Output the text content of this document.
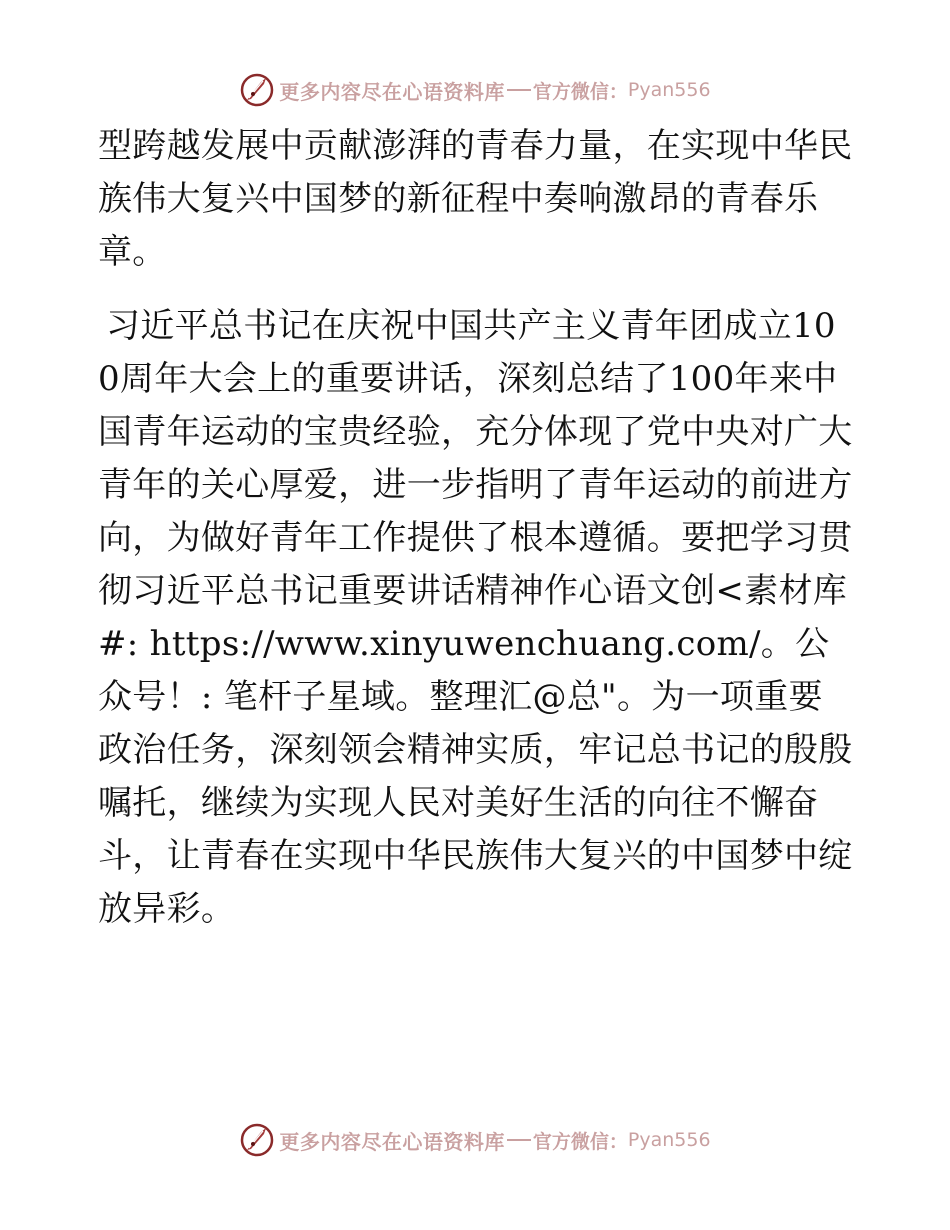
更多内容尽在心语资料库 官方微信： Pyan556

型跨越发展中贡献澎湃的青春力量，在实现中华民族伟大复兴中国梦的新征程中奏响激昂的青春乐章。

习近平总书记在庆祝中国共产主义青年团成立100周年大会上的重要讲话，深刻总结了100年来中国青年运动的宝贵经验，充分体现了党中央对广大青年的关心厚爱，进一步指明了青年运动的前进方向，为做好青年工作提供了根本遵循。要把学习贯彻习近平总书记重要讲话精神作心语文创<素材库#: https://www.xinyuwenchuang.com/。公众号！: 笔杆子星域。整理汇@总"。为一项重要政治任务，深刻领会精神实质，牢记总书记的殷殷嘱托，继续为实现人民对美好生活的向往不懈奋斗，让青春在实现中华民族伟大复兴的中国梦中绽放异彩。

更多内容尽在心语资料库 官方微信： Pyan556
